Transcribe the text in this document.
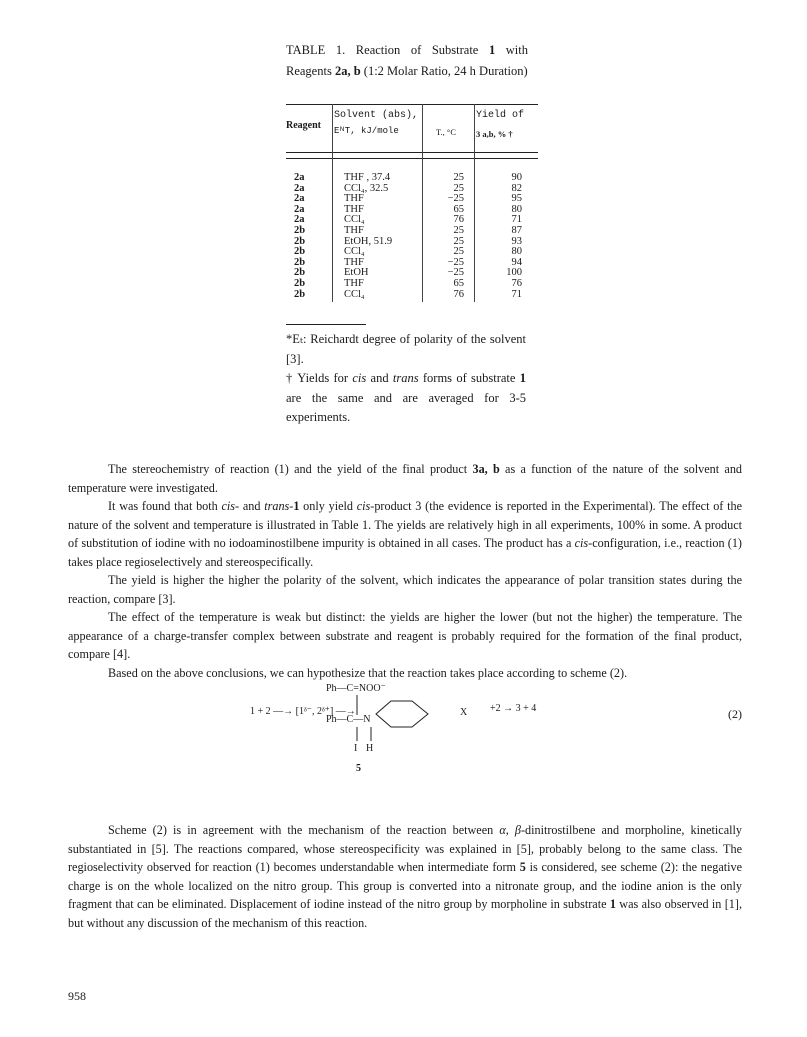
TABLE 1. Reaction of Substrate 1 with Reagents 2a, b (1:2 Molar Ratio, 24 h Duration)
Reagent
Solvent (abs),
EᴺT, kJ/mole	T., °C
Yield of
3 a,b, % †
2a
2a
2a
2a
2a
2b
2b
2b
2b
2b
2b
2b
THF , 37.4
CCl₄, 32.5
THF
THF
CCl₄
THF
EtOH, 51.9
CCl₄
THF
EtOH
THF
CCl₄
25
25
−25
65
76
25
25
25
−25
−25
65
76
90
82
95
80
71
87
93
80
94
100
76
71
*Eₜ: Reichardt degree of polarity of the solvent [3].
† Yields for cis and trans forms of substrate 1 are the same and are averaged for 3-5 experiments.

The stereochemistry of reaction (1) and the yield of the final product 3a, b as a function of the nature of the solvent and temperature were investigated.

It was found that both cis- and trans-1 only yield cis-product 3 (the evidence is reported in the Experimental). The effect of the nature of the solvent and temperature is illustrated in Table 1. The yields are relatively high in all experiments, 100% in some. A product of substitution of iodine with no iodoaminostilbene impurity is obtained in all cases. The product has a cis-configuration, i.e., reaction (1) takes place regioselectively and stereospecifically.

The yield is higher the higher the polarity of the solvent, which indicates the appearance of polar transition states during the reaction, compare [3].

The effect of the temperature is weak but distinct: the yields are higher the lower (but not the higher) the temperature. The appearance of a charge-transfer complex between substrate and reagent is probably required for the formation of the final product, compare [4].

Based on the above conclusions, we can hypothesize that the reaction takes place according to scheme (2).

Ph—C=NOO⁻
1 + 2 —→ [1ᵟ⁻, 2ᵟ⁺] —→
Ph—C—N
X +2 → 3 + 4
I H
5
(2)

Scheme (2) is in agreement with the mechanism of the reaction between α, β-dinitrostilbene and morpholine, kinetically substantiated in [5]. The reactions compared, whose stereospecificity was explained in [5], probably belong to the same class. The regioselectivity observed for reaction (1) becomes understandable when intermediate form 5 is considered, see scheme (2): the negative charge is on the whole localized on the nitro group. This group is converted into a nitronate group, and the iodine anion is the only fragment that can be eliminated. Displacement of iodine instead of the nitro group by morpholine in substrate 1 was also observed in [1], but without any discussion of the mechanism of this reaction.

958
